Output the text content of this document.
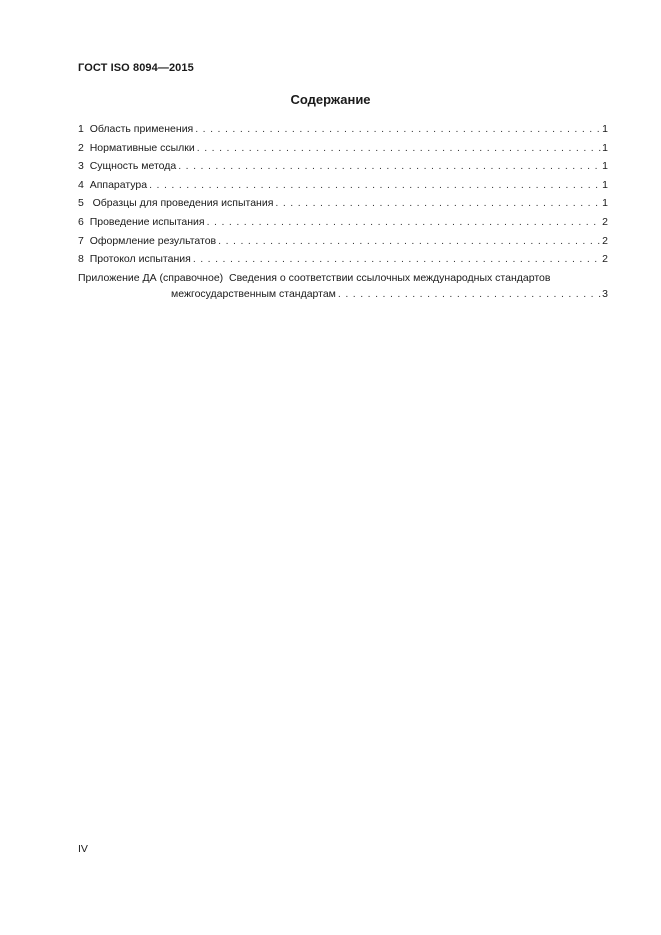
ГОСТ ISO 8094—2015
Содержание
1 Область применения . . .	1
2 Нормативные ссылки . . .	1
3 Сущность метода . . .	1
4 Аппаратура . . .	1
5   Образцы для проведения испытания . . .	1
6 Проведение испытания . . .	2
7 Оформление результатов . . .	2
8 Протокол испытания . . .	2
Приложение ДА (справочное) Сведения о соответствии ссылочных международных стандартов
межгосударственным стандартам . . .	3
IV
